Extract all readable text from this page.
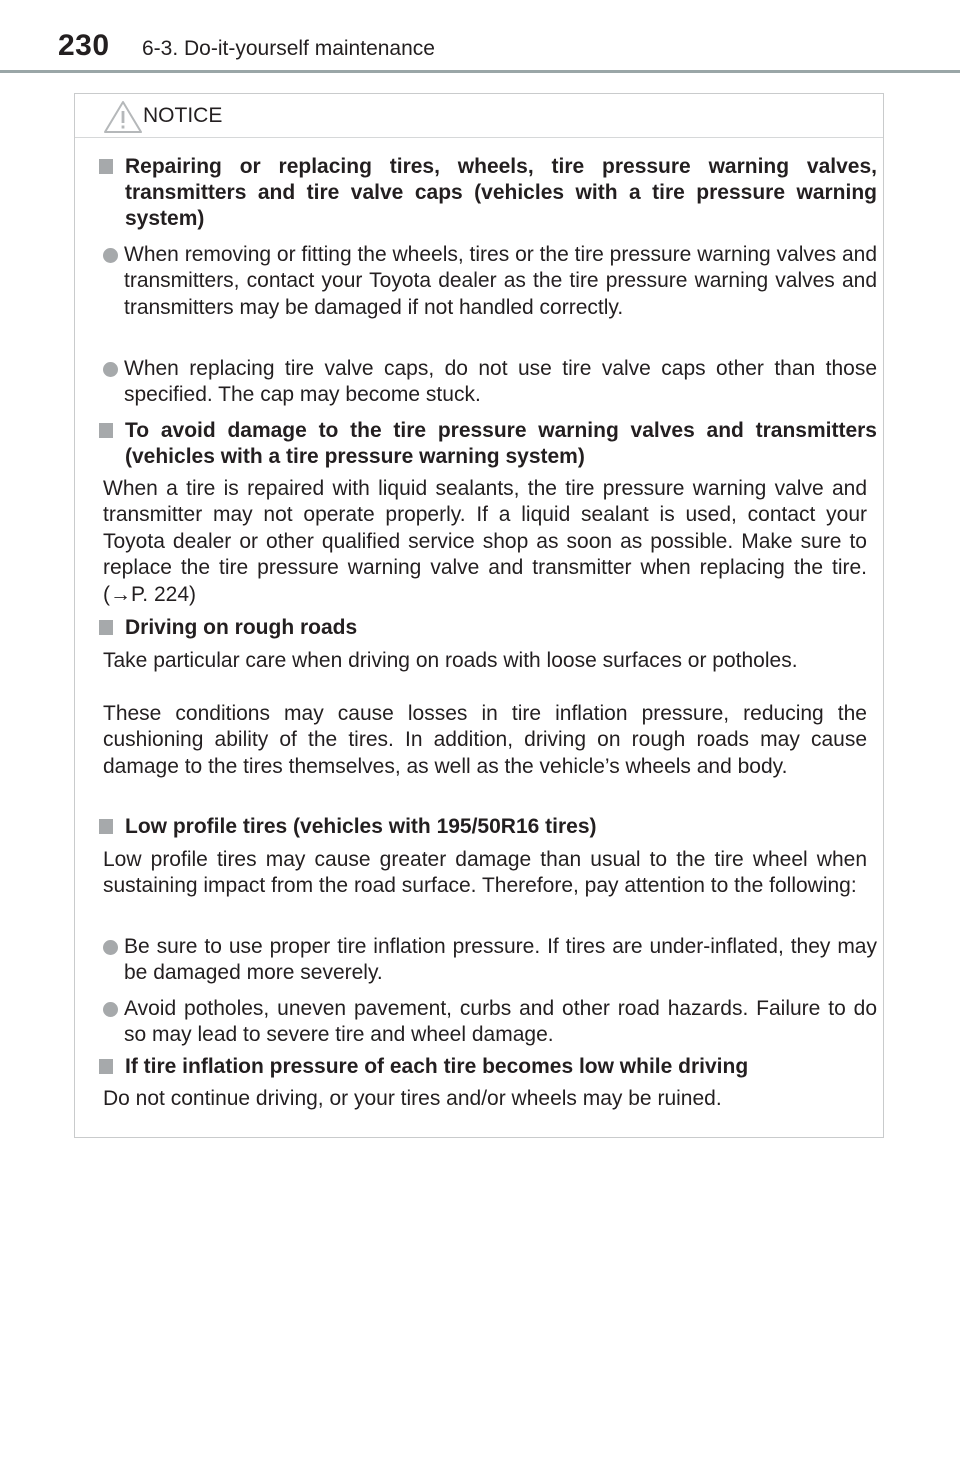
230 6-3. Do-it-yourself maintenance
NOTICE
Repairing or replacing tires, wheels, tire pressure warning valves, transmitters and tire valve caps (vehicles with a tire pressure warning system)
When removing or fitting the wheels, tires or the tire pressure warning valves and transmitters, contact your Toyota dealer as the tire pressure warning valves and transmitters may be damaged if not handled correctly.
When replacing tire valve caps, do not use tire valve caps other than those specified. The cap may become stuck.
To avoid damage to the tire pressure warning valves and transmitters (vehicles with a tire pressure warning system)
When a tire is repaired with liquid sealants, the tire pressure warning valve and transmitter may not operate properly. If a liquid sealant is used, contact your Toyota dealer or other qualified service shop as soon as possible. Make sure to replace the tire pressure warning valve and transmitter when replacing the tire. (→P. 224)
Driving on rough roads
Take particular care when driving on roads with loose surfaces or potholes.
These conditions may cause losses in tire inflation pressure, reducing the cushioning ability of the tires. In addition, driving on rough roads may cause damage to the tires themselves, as well as the vehicle’s wheels and body.
Low profile tires (vehicles with 195/50R16 tires)
Low profile tires may cause greater damage than usual to the tire wheel when sustaining impact from the road surface. Therefore, pay attention to the following:
Be sure to use proper tire inflation pressure. If tires are under-inflated, they may be damaged more severely.
Avoid potholes, uneven pavement, curbs and other road hazards. Failure to do so may lead to severe tire and wheel damage.
If tire inflation pressure of each tire becomes low while driving
Do not continue driving, or your tires and/or wheels may be ruined.
